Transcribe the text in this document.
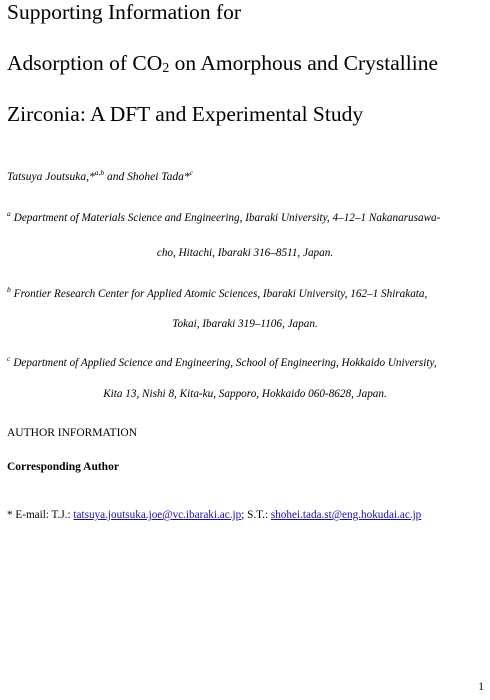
Supporting Information for
Adsorption of $CO_2$ on Amorphous and Crystalline
Zirconia: A DFT and Experimental Study
Tatsuya Joutsuka,*$^{a,b}$ and Shohei Tada*$^c$
$^a$ Department of Materials Science and Engineering, Ibaraki University, 4–12–1 Nakanarusawa-
cho, Hitachi, Ibaraki 316–8511, Japan.
$^b$ Frontier Research Center for Applied Atomic Sciences, Ibaraki University, 162–1 Shirakata,
Tokai, Ibaraki 319–1106, Japan.
$^c$ Department of Applied Science and Engineering, School of Engineering, Hokkaido University,
Kita 13, Nishi 8, Kita-ku, Sapporo, Hokkaido 060-8628, Japan.
AUTHOR INFORMATION
Corresponding Author
* E-mail: T.J.: tatsuya.joutsuka.joe@vc.ibaraki.ac.jp; S.T.: shohei.tada.st@eng.hokudai.ac.jp
1
